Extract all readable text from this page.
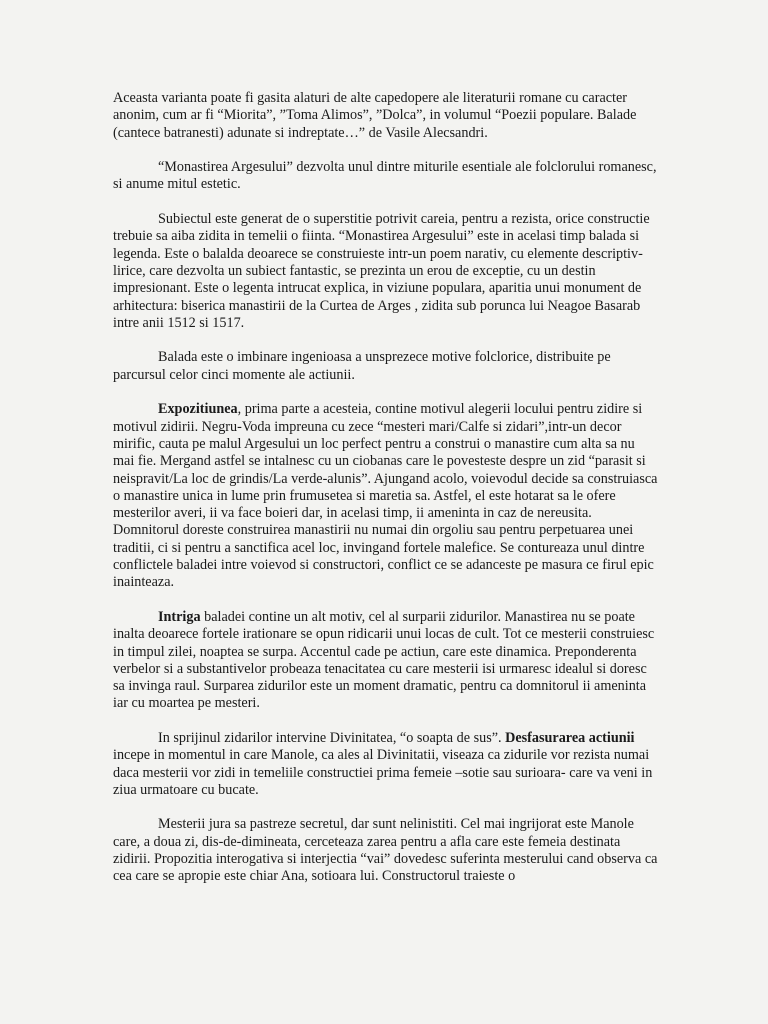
Aceasta varianta poate fi gasita alaturi de alte capedopere ale literaturii romane cu caracter anonim, cum ar fi “Miorita”, ”Toma Alimos”, ”Dolca”, in volumul “Poezii populare. Balade (cantece batranesti) adunate si indreptate…” de Vasile Alecsandri.

“Monastirea Argesului” dezvolta unul dintre miturile esentiale ale folclorului romanesc, si anume mitul estetic.

Subiectul este generat de o superstitie potrivit careia, pentru a rezista, orice constructie trebuie sa aiba zidita in temelii o fiinta. “Monastirea Argesului” este in acelasi timp balada si legenda. Este o balalda deoarece se construieste intr-un poem narativ, cu elemente descriptiv-lirice, care dezvolta un subiect fantastic, se prezinta un erou de exceptie, cu un destin impresionant. Este o legenta intrucat explica, in viziune populara, aparitia unui monument de arhitectura: biserica manastirii de la Curtea de Arges , zidita sub porunca lui Neagoe Basarab intre anii 1512 si 1517.

Balada este o imbinare ingenioasa a unsprezece motive folclorice, distribuite pe parcursul celor cinci momente ale actiunii.

Expozitiunea, prima parte a acesteia, contine motivul alegerii locului pentru zidire si motivul zidirii. Negru-Voda impreuna cu zece “mesteri mari/Calfe si zidari”,intr-un decor mirific, cauta pe malul Argesului un loc perfect pentru a construi o manastire cum alta sa nu mai fie. Mergand astfel se intalnesc cu un ciobanas care le povesteste despre un zid “parasit si neispravit/La loc de grindis/La verde-alunis”. Ajungand acolo, voievodul decide sa construiasca o manastire unica in lume prin frumusetea si maretia sa. Astfel, el este hotarat sa le ofere mesterilor averi, ii va face boieri dar, in acelasi timp, ii ameninta in caz de nereusita. Domnitorul doreste construirea manastirii nu numai din orgoliu sau pentru perpetuarea unei traditii, ci si pentru a sanctifica acel loc, invingand fortele malefice. Se contureaza unul dintre conflictele baladei intre voievod si constructori, conflict ce se adanceste pe masura ce firul epic inainteaza.

Intriga baladei contine un alt motiv, cel al surparii zidurilor. Manastirea nu se poate inalta deoarece fortele irationare se opun ridicarii unui locas de cult. Tot ce mesterii construiesc in timpul zilei, noaptea se surpa. Accentul cade pe actiun, care este dinamica. Preponderenta verbelor si a substantivelor probeaza tenacitatea cu care mesterii isi urmaresc idealul si doresc sa invinga raul. Surparea zidurilor este un moment dramatic, pentru ca domnitorul ii ameninta iar cu moartea pe mesteri.

In sprijinul zidarilor intervine Divinitatea, “o soapta de sus”. Desfasurarea actiunii incepe in momentul in care Manole, ca ales al Divinitatii, viseaza ca zidurile vor rezista numai daca mesterii vor zidi in temeliile constructiei prima femeie –sotie sau surioara- care va veni in ziua urmatoare cu bucate.

Mesterii jura sa pastreze secretul, dar sunt nelinistiti. Cel mai ingrijorat este Manole care, a doua zi, dis-de-dimineata, cerceteaza zarea pentru a afla care este femeia destinata zidirii. Propozitia interogativa si interjectia “vai” dovedesc suferinta mesterului cand observa ca cea care se apropie este chiar Ana, sotioara lui. Constructorul traieste o
